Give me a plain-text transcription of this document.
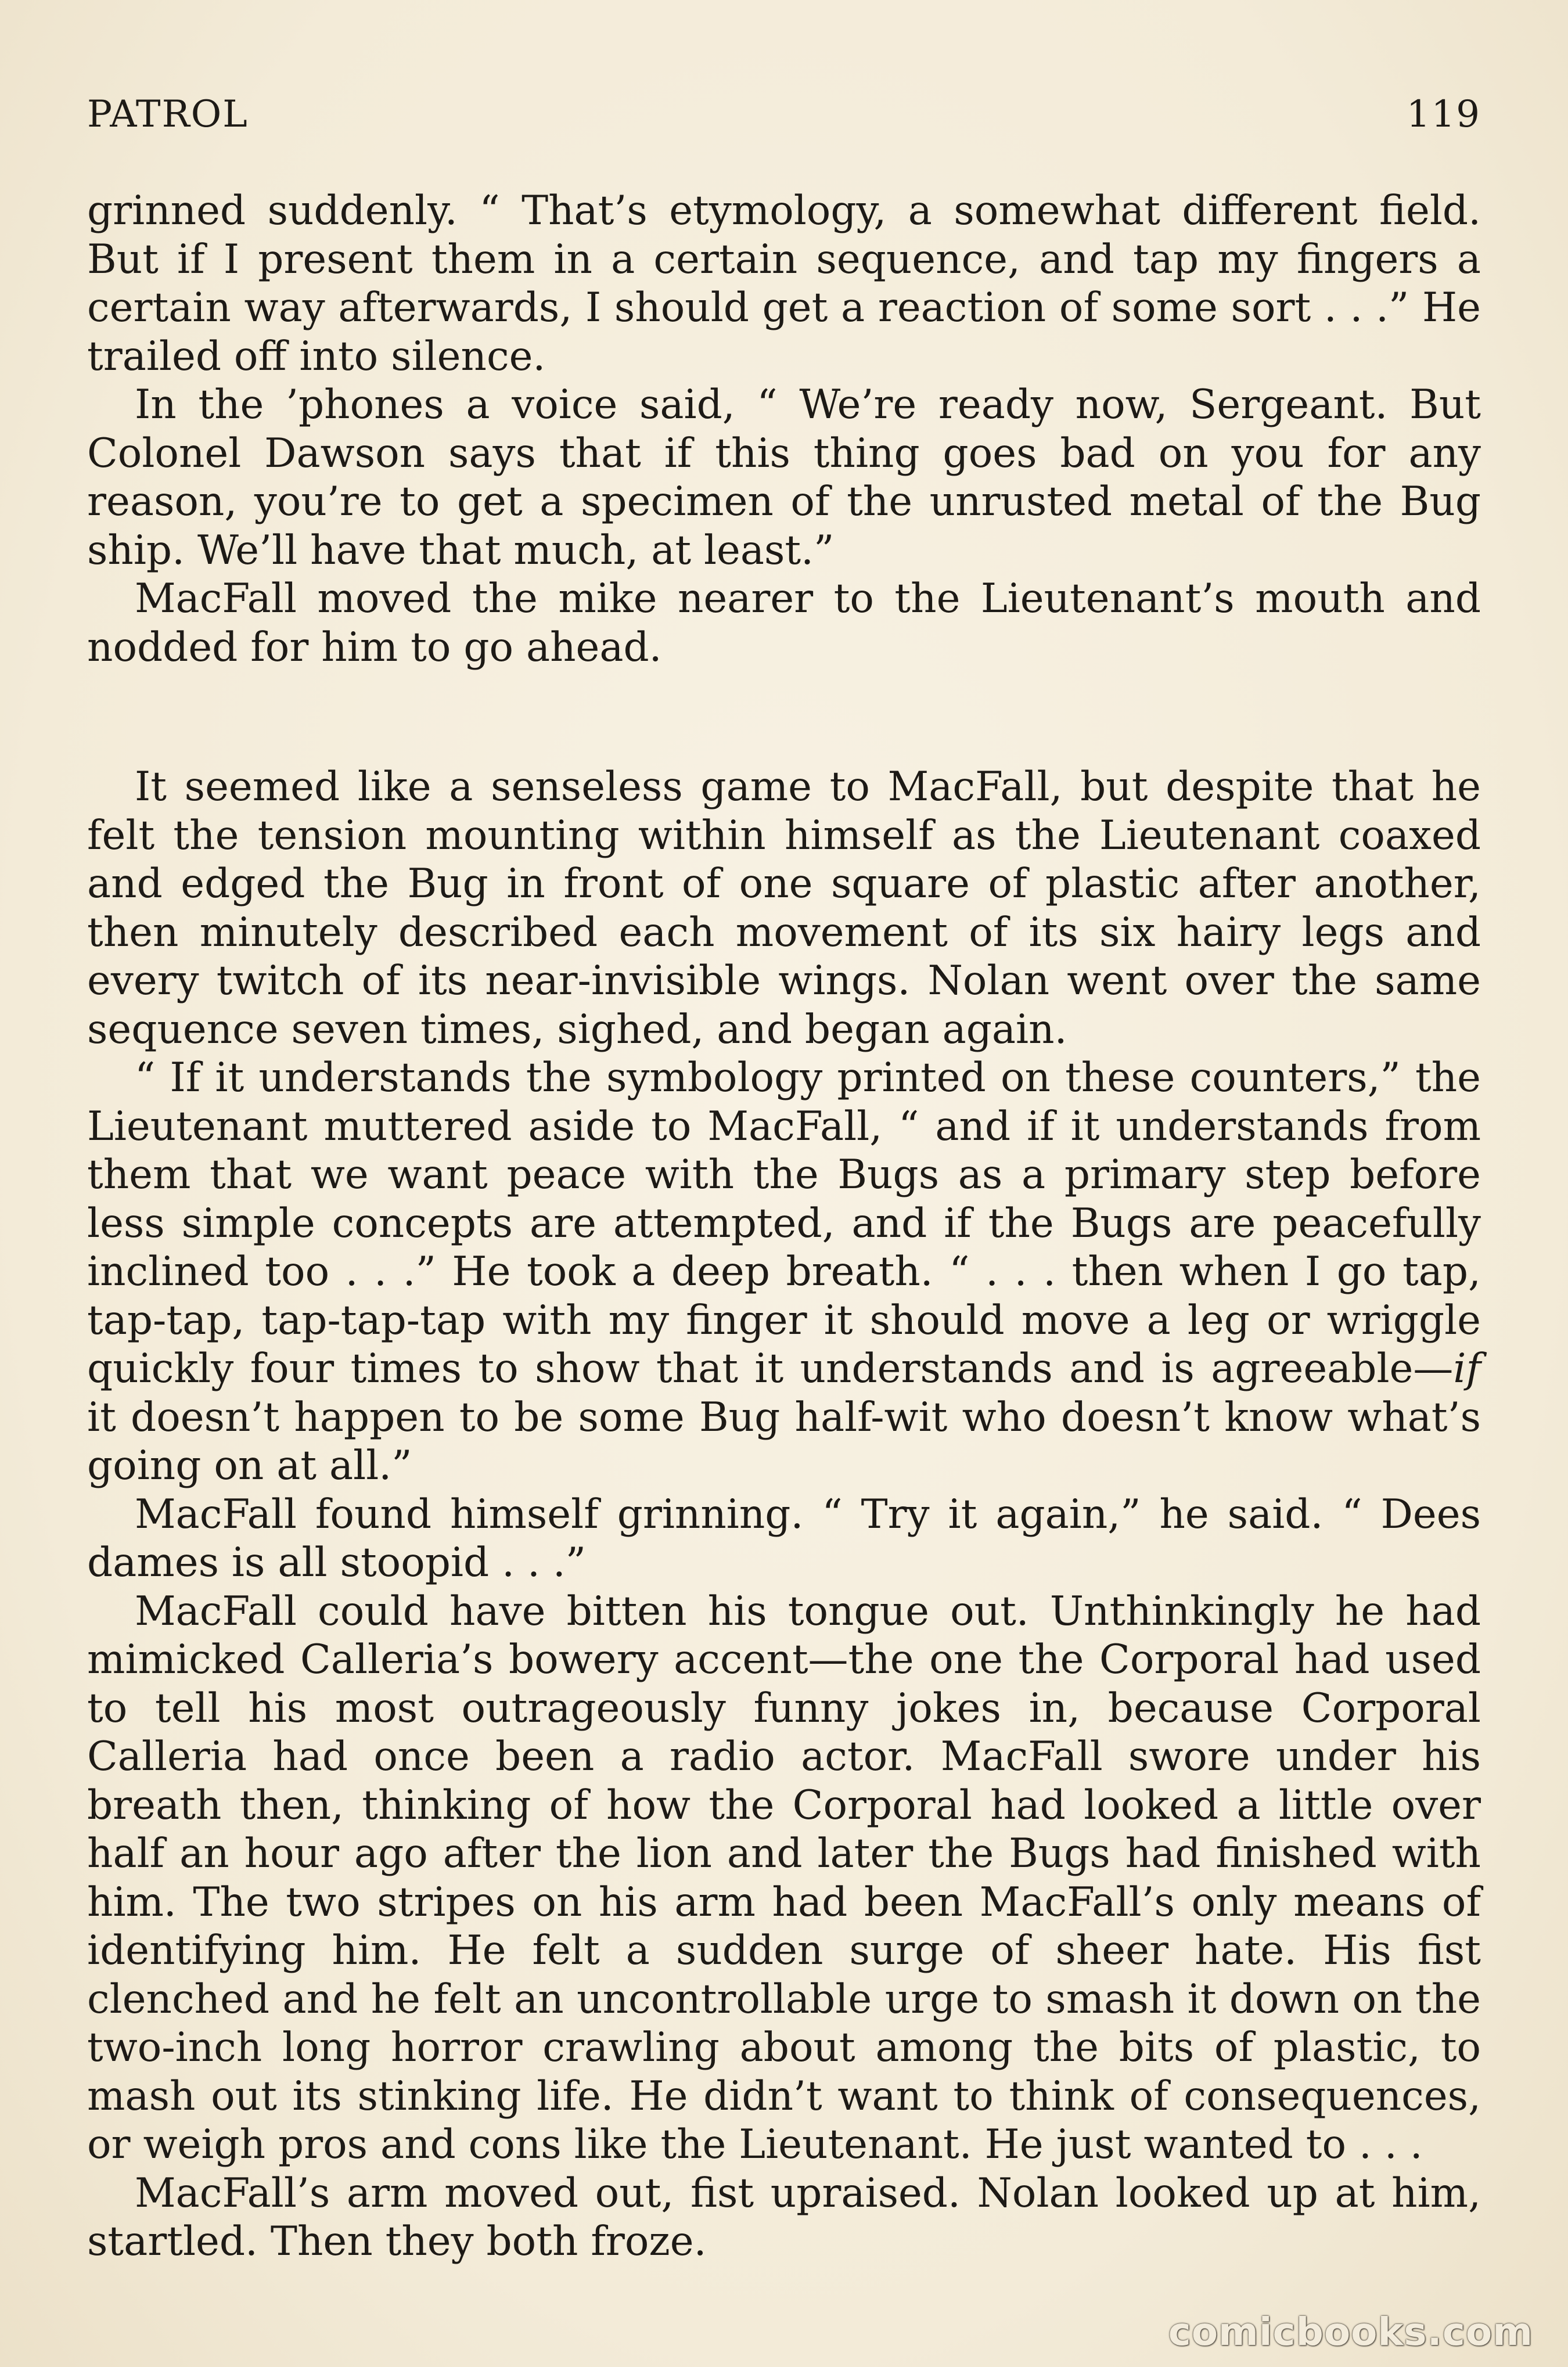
PATROL	119

grinned suddenly. “ That’s etymology, a somewhat different field. But if I present them in a certain sequence, and tap my fingers a certain way afterwards, I should get a reaction of some sort . . .” He trailed off into silence.

In the ’phones a voice said, “ We’re ready now, Sergeant. But Colonel Dawson says that if this thing goes bad on you for any reason, you’re to get a specimen of the unrusted metal of the Bug ship. We’ll have that much, at least.”

MacFall moved the mike nearer to the Lieutenant’s mouth and nodded for him to go ahead.

It seemed like a senseless game to MacFall, but despite that he felt the tension mounting within himself as the Lieutenant coaxed and edged the Bug in front of one square of plastic after another, then minutely described each movement of its six hairy legs and every twitch of its near-invisible wings. Nolan went over the same sequence seven times, sighed, and began again.

“ If it understands the symbology printed on these counters,” the Lieutenant muttered aside to MacFall, “ and if it understands from them that we want peace with the Bugs as a primary step before less simple concepts are attempted, and if the Bugs are peacefully inclined too . . .” He took a deep breath. “ . . . then when I go tap, tap-tap, tap-tap-tap with my finger it should move a leg or wriggle quickly four times to show that it understands and is agreeable—if it doesn’t happen to be some Bug half-wit who doesn’t know what’s going on at all.”

MacFall found himself grinning. “ Try it again,” he said. “ Dees dames is all stoopid . . .”

MacFall could have bitten his tongue out. Unthinkingly he had mimicked Calleria’s bowery accent—the one the Corporal had used to tell his most outrageously funny jokes in, because Corporal Calleria had once been a radio actor. MacFall swore under his breath then, thinking of how the Corporal had looked a little over half an hour ago after the lion and later the Bugs had finished with him. The two stripes on his arm had been MacFall’s only means of identifying him. He felt a sudden surge of sheer hate. His fist clenched and he felt an uncontrollable urge to smash it down on the two-inch long horror crawling about among the bits of plastic, to mash out its stinking life. He didn’t want to think of consequences, or weigh pros and cons like the Lieutenant. He just wanted to . . .

MacFall’s arm moved out, fist upraised. Nolan looked up at him, startled. Then they both froze.

comicbooks.com
